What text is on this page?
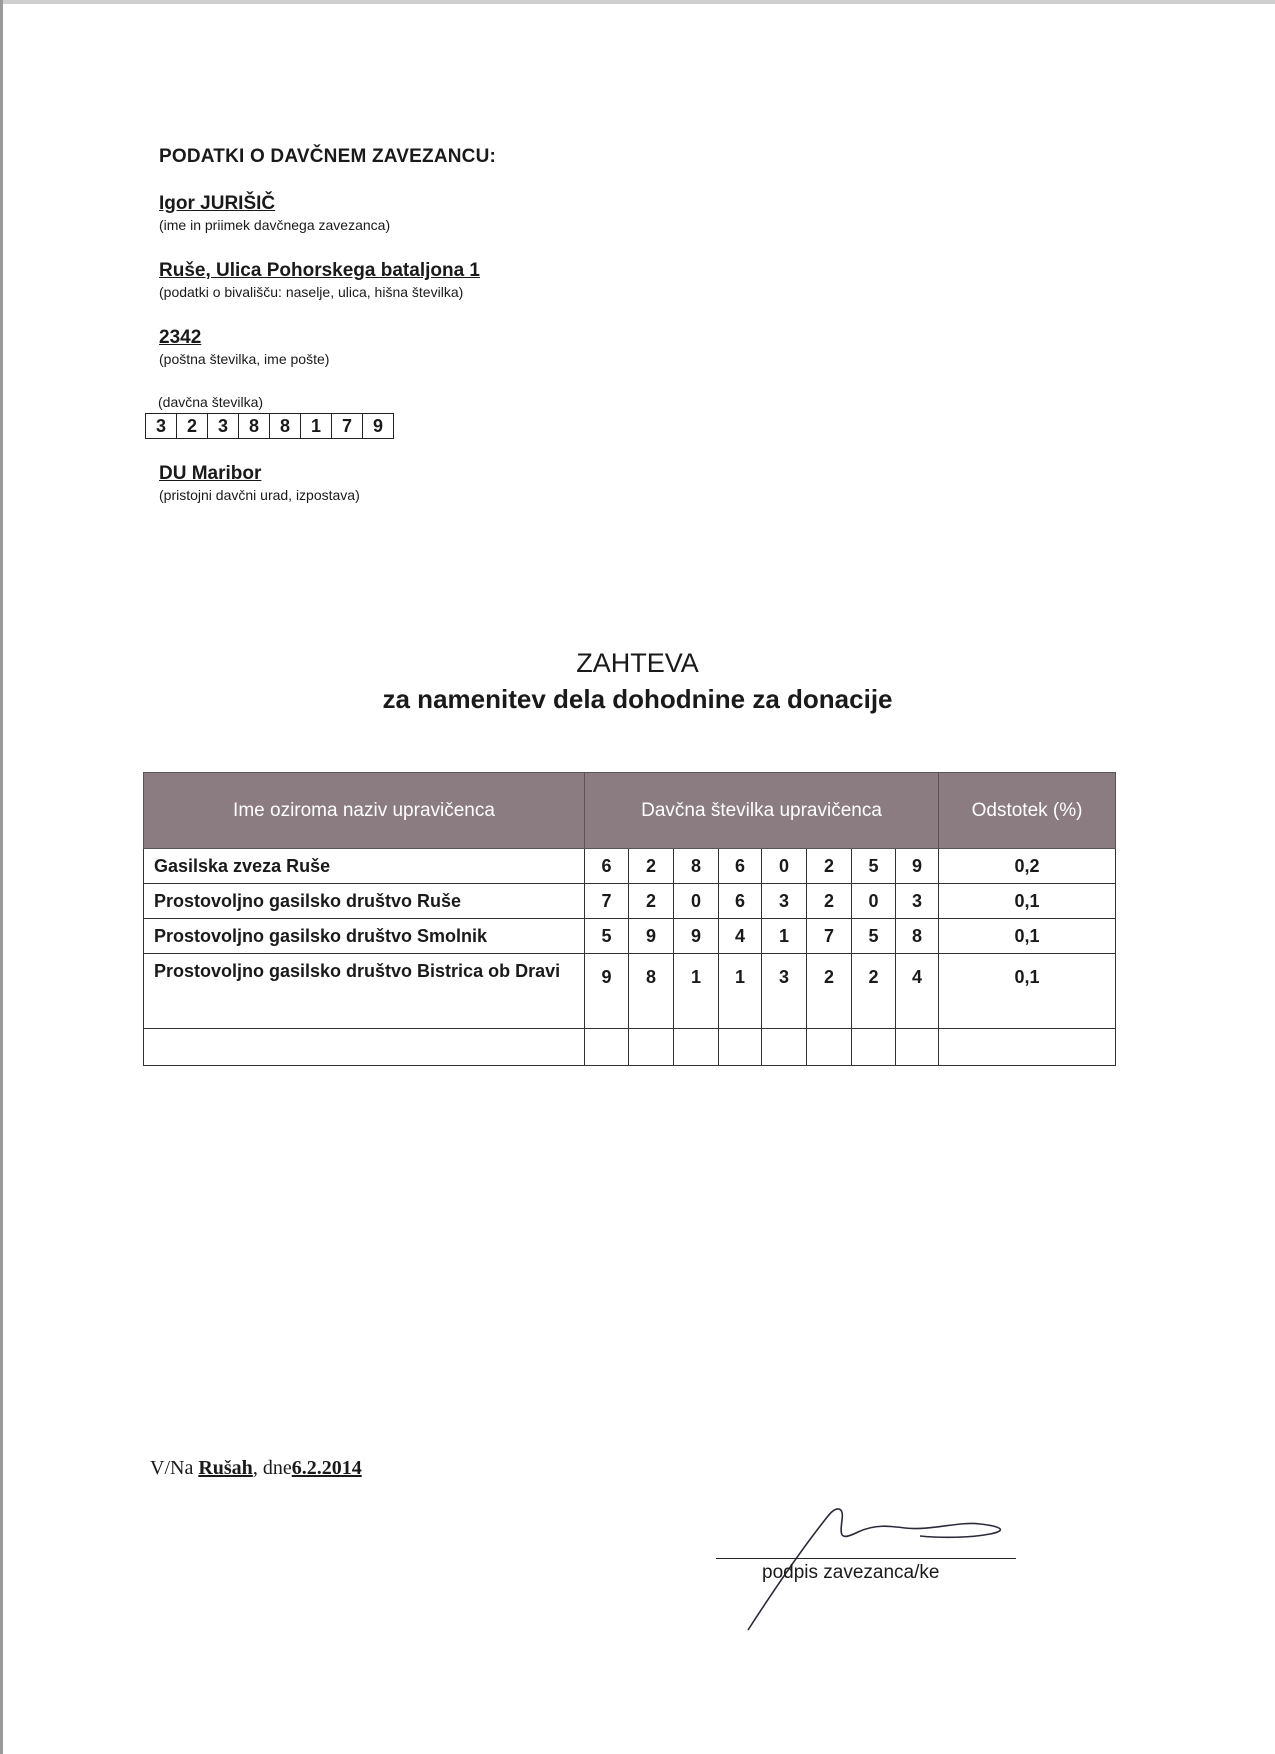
PODATKI O DAVČNEM ZAVEZANCU:
Igor JURIŠIČ
(ime in priimek davčnega zavezanca)
Ruše, Ulica Pohorskega bataljona 1
(podatki o bivališču: naselje, ulica, hišna številka)
2342
(poštna številka, ime pošte)
(davčna številka)
3	2	3	8	8	1	7	9
DU Maribor
(pristojni davčni urad, izpostava)
ZAHTEVA
za namenitev dela dohodnine za donacije
Ime oziroma naziv upravičenca	Davčna številka upravičenca								Odstotek (%)
Gasilska zveza Ruše	6	2	8	6	0	2	5	9	0,2
Prostovoljno gasilsko društvo Ruše	7	2	0	6	3	2	0	3	0,1
Prostovoljno gasilsko društvo Smolnik	5	9	9	4	1	7	5	8	0,1
Prostovoljno gasilsko društvo Bistrica ob Dravi	9	8	1	1	3	2	2	4	0,1

V/Na Rušah, dne6.2.2014
podpis zavezanca/ke
